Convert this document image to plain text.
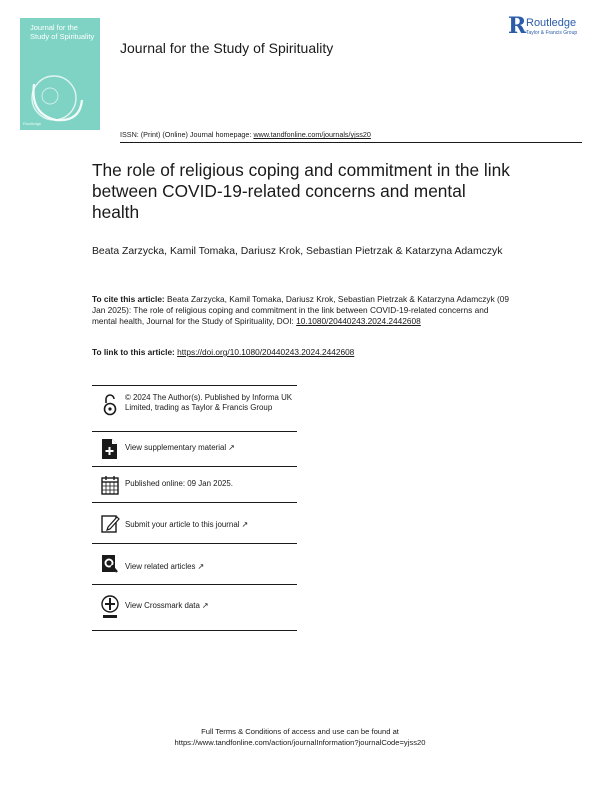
Journal for the Study of Spirituality
Routledge
Journal for the Study of Spirituality
R Routledge
Taylor & Francis Group
ISSN: (Print) (Online) Journal homepage: www.tandfonline.com/journals/yjss20
The role of religious coping and commitment in the link between COVID-19-related concerns and mental health
Beata Zarzycka, Kamil Tomaka, Dariusz Krok, Sebastian Pietrzak & Katarzyna Adamczyk
To cite this article: Beata Zarzycka, Kamil Tomaka, Dariusz Krok, Sebastian Pietrzak & Katarzyna Adamczyk (09 Jan 2025): The role of religious coping and commitment in the link between COVID-19-related concerns and mental health, Journal for the Study of Spirituality, DOI: 10.1080/20440243.2024.2442608
To link to this article: https://doi.org/10.1080/20440243.2024.2442608
© 2024 The Author(s). Published by Informa UK Limited, trading as Taylor & Francis Group
View supplementary material ↗
Published online: 09 Jan 2025.
Submit your article to this journal ↗
View related articles ↗
View Crossmark data ↗
Full Terms & Conditions of access and use can be found at
https://www.tandfonline.com/action/journalInformation?journalCode=yjss20
